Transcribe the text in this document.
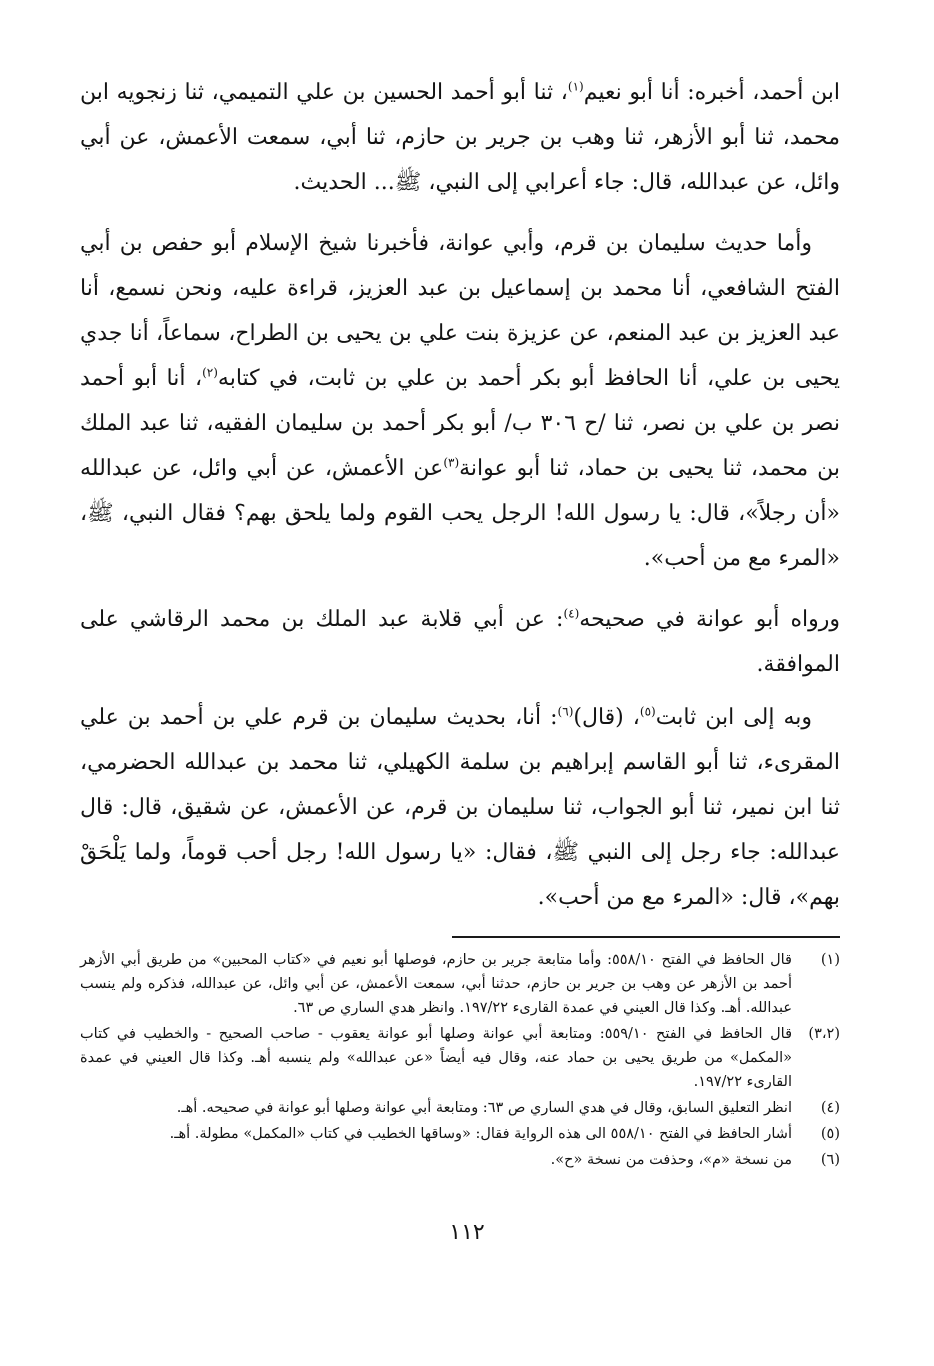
ابن أحمد، أخبره: أنا أبو نعيم$^{(١)}$، ثنا أبو أحمد الحسين بن علي التميمي، ثنا زنجويه ابن محمد، ثنا أبو الأزهر، ثنا وهب بن جرير بن حازم، ثنا أبي، سمعت الأعمش، عن أبي وائل، عن عبدالله، قال: جاء أعرابي إلى النبي، ﷺ... الحديث.

وأما حديث سليمان بن قرم، وأبي عوانة، فأخبرنا شيخ الإسلام أبو حفص بن أبي الفتح الشافعي، أنا محمد بن إسماعيل بن عبد العزيز، قراءة عليه، ونحن نسمع، أنا عبد العزيز بن عبد المنعم، عن عزيزة بنت علي بن يحيى بن الطراح، سماعاً، أنا جدي يحيى بن علي، أنا الحافظ أبو بكر أحمد بن علي بن ثابت، في كتابه$^{(٢)}$، أنا أبو أحمد نصر بن علي بن نصر، ثنا /ح ٣٠٦ ب/ أبو بكر أحمد بن سليمان الفقيه، ثنا عبد الملك بن محمد، ثنا يحيى بن حماد، ثنا أبو عوانة$^{(٣)}$عن الأعمش، عن أبي وائل، عن عبدالله «أن رجلاً»، قال: يا رسول الله! الرجل يحب القوم ولما يلحق بهم؟ فقال النبي، ﷺ، «المرء مع من أحب».

ورواه أبو عوانة في صحيحه$^{(٤)}$: عن أبي قلابة عبد الملك بن محمد الرقاشي على الموافقة.

وبه إلى ابن ثابت$^{(٥)}$، (قال)$^{(٦)}$: أنا، بحديث سليمان بن قرم علي بن أحمد بن علي المقرىء، ثنا أبو القاسم إبراهيم بن سلمة الكهيلي، ثنا محمد بن عبدالله الحضرمي، ثنا ابن نمير، ثنا أبو الجواب، ثنا سليمان بن قرم، عن الأعمش، عن شقيق، قال: قال عبدالله: جاء رجل إلى النبي ﷺ، فقال: «يا رسول الله! رجل أحب قوماً، ولما يَلْحَقْ بهم»، قال: «المرء مع من أحب».

(١)
قال الحافظ في الفتح ٥٥٨/١٠: وأما متابعة جرير بن حازم، فوصلها أبو نعيم في «كتاب المحبين» من طريق أبي الأزهر أحمد بن الأزهر عن وهب بن جرير بن حازم، حدثنا أبي، سمعت الأعمش، عن أبي وائل، عن عبدالله، فذكره ولم ينسب عبدالله. أهـ. وكذا قال العيني في عمدة القارىء ١٩٧/٢٢. وانظر هدي الساري ص ٦٣.
(٣،٢)
قال الحافظ في الفتح ٥٥٩/١٠: ومتابعة أبي عوانة وصلها أبو عوانة يعقوب - صاحب الصحيح - والخطيب في كتاب «المكمل» من طريق يحيى بن حماد عنه، وقال فيه أيضاً «عن عبدالله» ولم ينسبه أهـ. وكذا قال العيني في عمدة القارىء ١٩٧/٢٢.
(٤)
انظر التعليق السابق، وقال في هدي الساري ص ٦٣: ومتابعة أبي عوانة وصلها أبو عوانة في صحيحه. أهـ.
(٥)
أشار الحافظ في الفتح ٥٥٨/١٠ الى هذه الرواية فقال: «وساقها الخطيب في كتاب «المكمل» مطولة. أهـ.
(٦)
من نسخة «م»، وحذفت من نسخة «ح».
١١٢
